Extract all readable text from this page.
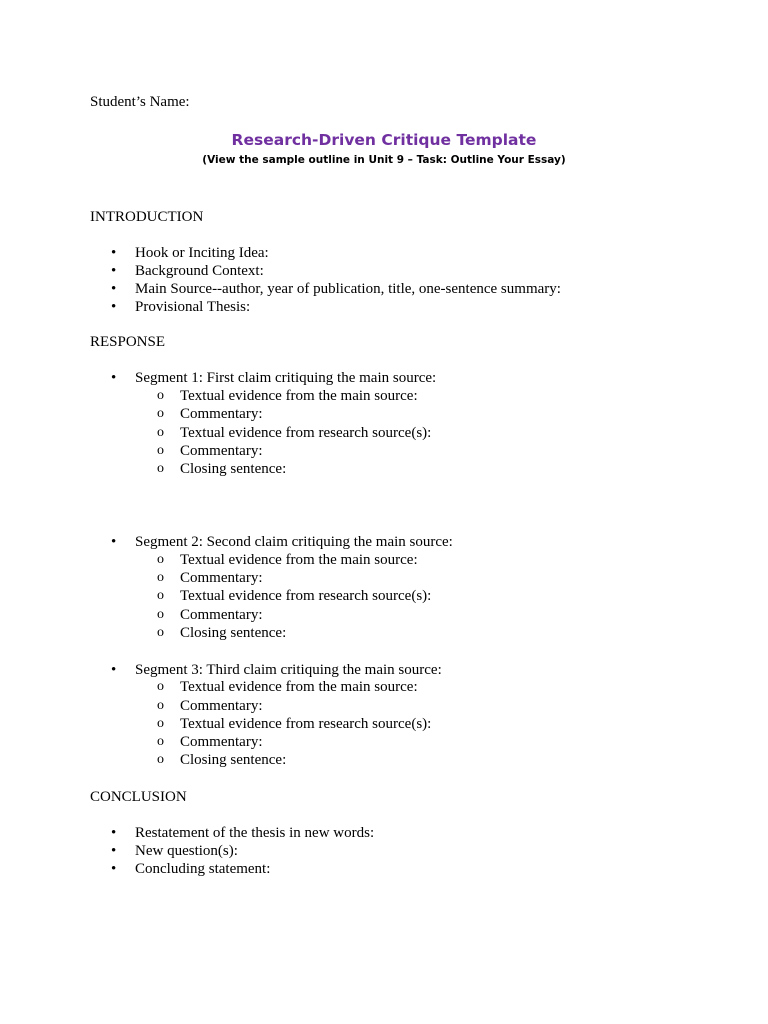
Student’s Name:
Research-Driven Critique Template
(View the sample outline in Unit 9 – Task: Outline Your Essay)
INTRODUCTION
• Hook or Inciting Idea:
• Background Context:
• Main Source--author, year of publication, title, one-sentence summary:
• Provisional Thesis:
RESPONSE
• Segment 1: First claim critiquing the main source:
o Textual evidence from the main source:
o Commentary:
o Textual evidence from research source(s):
o Commentary:
o Closing sentence:
• Segment 2: Second claim critiquing the main source:
o Textual evidence from the main source:
o Commentary:
o Textual evidence from research source(s):
o Commentary:
o Closing sentence:
• Segment 3: Third claim critiquing the main source:
o Textual evidence from the main source:
o Commentary:
o Textual evidence from research source(s):
o Commentary:
o Closing sentence:
CONCLUSION
• Restatement of the thesis in new words:
• New question(s):
• Concluding statement:
